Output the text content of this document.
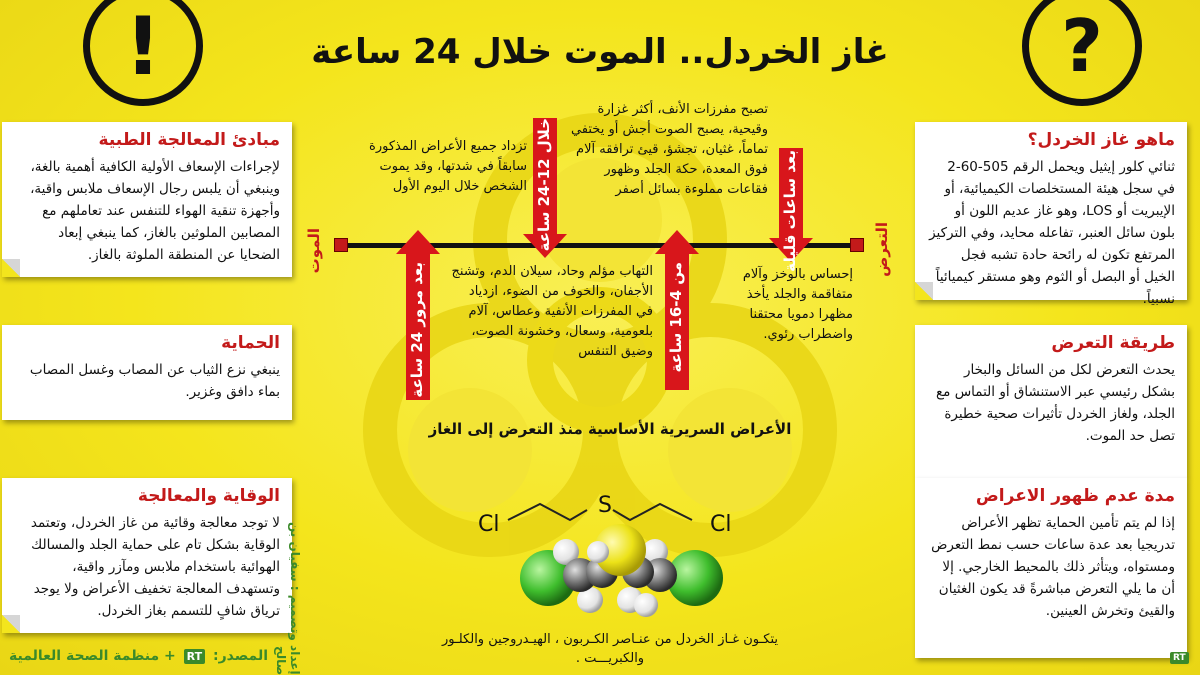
?
!	غاز الخردل.. الموت خلال 24 ساعة
ماهو غاز الخردل؟
ثنائي كلور إيثيل ويحمل الرقم 505-60-2 في سجل هيئة المستخلصات الكيميائية، أو الإيبريت أو LOS، وهو غاز عديم اللون أو بلون سائل العنبر، تفاعله محايد، وفي التركيز المرتفع تكون له رائحة حادة تشبه فجل الخيل أو البصل أو الثوم وهو مستقر كيميائياً نسبياً.
طريقة التعرض
يحدث التعرض لكل من السائل والبخار بشكل رئيسي عبر الاستنشاق أو التماس مع الجلد، ولغاز الخردل تأثيرات صحية خطيرة تصل حد الموت.
مدة عدم ظهور الاعراض
إذا لم يتم تأمين الحماية تظهر الأعراض تدريجيا بعد عدة ساعات حسب نمط التعرض ومستواه، ويتأثر ذلك بالمحيط الخارجي. إلا أن ما يلي التعرض مباشرةً قد يكون الغثيان والقيئ وتخرش العينين.
مبادئ المعالجة الطبية
لإجراءات الإسعاف الأولية الكافية أهمية بالغة، وينبغي أن يلبس رجال الإسعاف ملابس واقية، وأجهزة تنقية الهواء للتنفس عند تعاملهم مع المصابين الملوثين بالغاز، كما ينبغي إبعاد الضحايا عن المنطقة الملوثة بالغاز.
الحماية
ينبغي نزع الثياب عن المصاب وغسل المصاب بماء دافق وغزير.
الوقاية والمعالجة
لا توجد معالجة وقائية من غاز الخردل، وتعتمد الوقاية بشكل تام على حماية الجلد والمسالك الهوائية باستخدام ملابس ومآزر واقية، وتستهدف المعالجة تخفيف الأعراض ولا يوجد ترياق شافٍ للتسمم بغاز الخردل.
الموت	التعرض
بعد ساعات قليلة
من 4-16 ساعة
خلال 12-24 ساعة
بعد مرور 24 ساعة	إحساس بالوخز وآلام متفاقمة والجلد يأخذ مظهرا دمويا محتقنا واضطراب رئوي.
تصبح مفرزات الأنف، أكثر غزارة وقيحية، يصبح الصوت أجش أو يختفي تماماً، غثيان، تجشؤ، قيئ ترافقه آلام فوق المعدة، حكة الجلد وظهور فقاعات مملوءة بسائل أصفر
التهاب مؤلم وحاد، سيلان الدم، وتشنج الأجفان، والخوف من الضوء، ازدياد في المفرزات الأنفية وعطاس، آلام بلعومية، وسعال، وخشونة الصوت، وضيق التنفس
تزداد جميع الأعراض المذكورة سابقاً في شدتها، وقد يموت الشخص خلال اليوم الأول
الأعراض السريرية الأساسية منذ التعرض إلى الغاز
Cl
S
Cl
يتكـون غـاز الخردل من عنـاصر الكـربون ، الهيـدروجين والكلـور والكبريـــت .
إعداد وتصميم : سفيان بن صالح
المصدر: RT + منظمة الصحة العالمية	RT
